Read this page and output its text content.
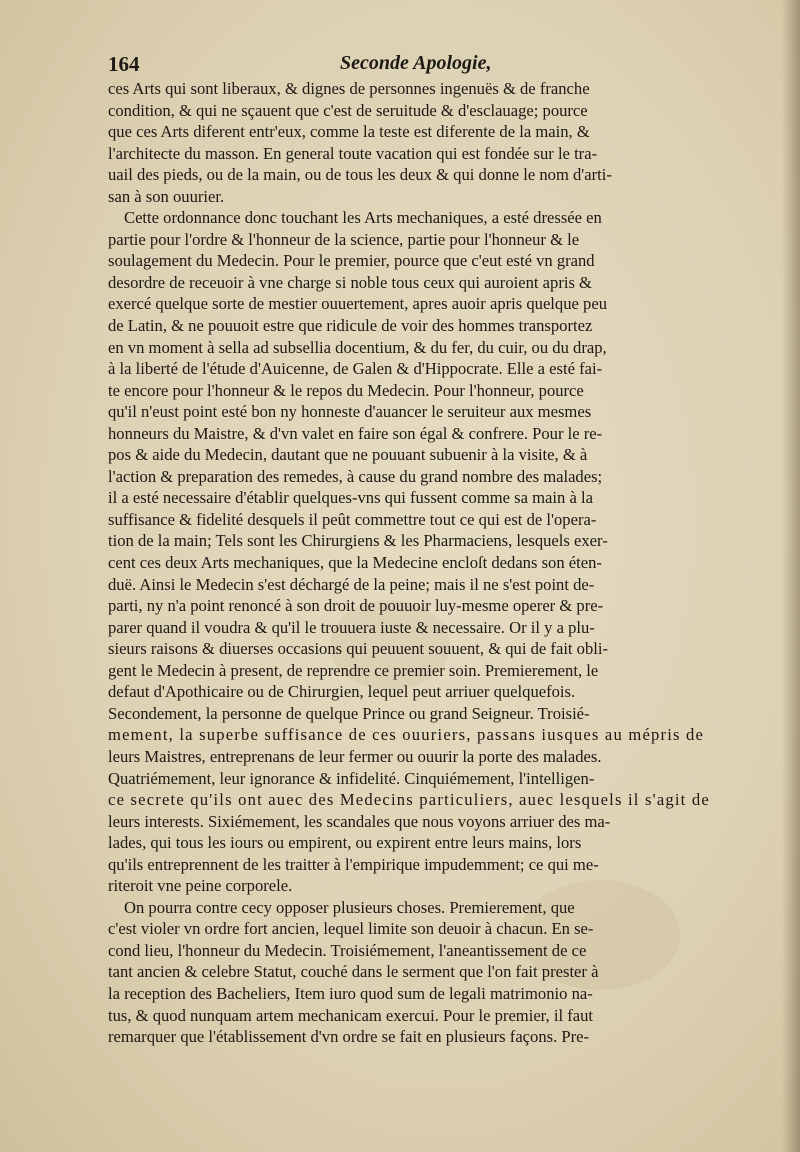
164	Seconde Apologie,
ces Arts qui sont liberaux, & dignes de personnes ingenuës & de franche
condition, & qui ne sçauent que c'est de seruitude & d'esclauage; pource
que ces Arts diferent entr'eux, comme la teste est diferente de la main, &
l'architecte du masson. En general toute vacation qui est fondée sur le tra-
uail des pieds, ou de la main, ou de tous les deux & qui donne le nom d'arti-
san à son ouurier.
Cette ordonnance donc touchant les Arts mechaniques, a esté dressée en
partie pour l'ordre & l'honneur de la science, partie pour l'honneur & le
soulagement du Medecin. Pour le premier, pource que c'eut esté vn grand
desordre de receuoir à vne charge si noble tous ceux qui auroient apris &
exercé quelque sorte de mestier ouuertement, apres auoir apris quelque peu
de Latin, & ne pouuoit estre que ridicule de voir des hommes transportez
en vn moment à sella ad subsellia docentium, & du fer, du cuir, ou du drap,
à la liberté de l'étude d'Auicenne, de Galen & d'Hippocrate. Elle a esté fai-
te encore pour l'honneur & le repos du Medecin. Pour l'honneur, pource
qu'il n'eust point esté bon ny honneste d'auancer le seruiteur aux mesmes
honneurs du Maistre, & d'vn valet en faire son égal & confrere. Pour le re-
pos & aide du Medecin, dautant que ne pouuant subuenir à la visite, & à
l'action & preparation des remedes, à cause du grand nombre des malades;
il a esté necessaire d'établir quelques-vns qui fussent comme sa main à la
suffisance & fidelité desquels il peût commettre tout ce qui est de l'opera-
tion de la main; Tels sont les Chirurgiens & les Pharmaciens, lesquels exer-
cent ces deux Arts mechaniques, que la Medecine encloſt dedans son éten-
duë. Ainsi le Medecin s'est déchargé de la peine; mais il ne s'est point de-
parti, ny n'a point renoncé à son droit de pouuoir luy-mesme operer & pre-
parer quand il voudra & qu'il le trouuera iuste & necessaire. Or il y a plu-
sieurs raisons & diuerses occasions qui peuuent souuent, & qui de fait obli-
gent le Medecin à present, de reprendre ce premier soin. Premierement, le
defaut d'Apothicaire ou de Chirurgien, lequel peut arriuer quelquefois.
Secondement, la personne de quelque Prince ou grand Seigneur. Troisié-
mement, la superbe suffisance de ces ouuriers, passans iusques au mépris de
leurs Maistres, entreprenans de leur fermer ou ouurir la porte des malades.
Quatriémement, leur ignorance & infidelité. Cinquiémement, l'intelligen-
ce secrete qu'ils ont auec des Medecins particuliers, auec lesquels il s'agit de
leurs interests. Sixiémement, les scandales que nous voyons arriuer des ma-
lades, qui tous les iours ou empirent, ou expirent entre leurs mains, lors
qu'ils entreprennent de les traitter à l'empirique impudemment; ce qui me-
riteroit vne peine corporele.
On pourra contre cecy opposer plusieurs choses. Premierement, que
c'est violer vn ordre fort ancien, lequel limite son deuoir à chacun. En se-
cond lieu, l'honneur du Medecin. Troisiémement, l'aneantissement de ce
tant ancien & celebre Statut, couché dans le serment que l'on fait prester à
la reception des Bacheliers, Item iuro quod sum de legali matrimonio na-
tus, & quod nunquam artem mechanicam exercui. Pour le premier, il faut
remarquer que l'établissement d'vn ordre se fait en plusieurs façons. Pre-
